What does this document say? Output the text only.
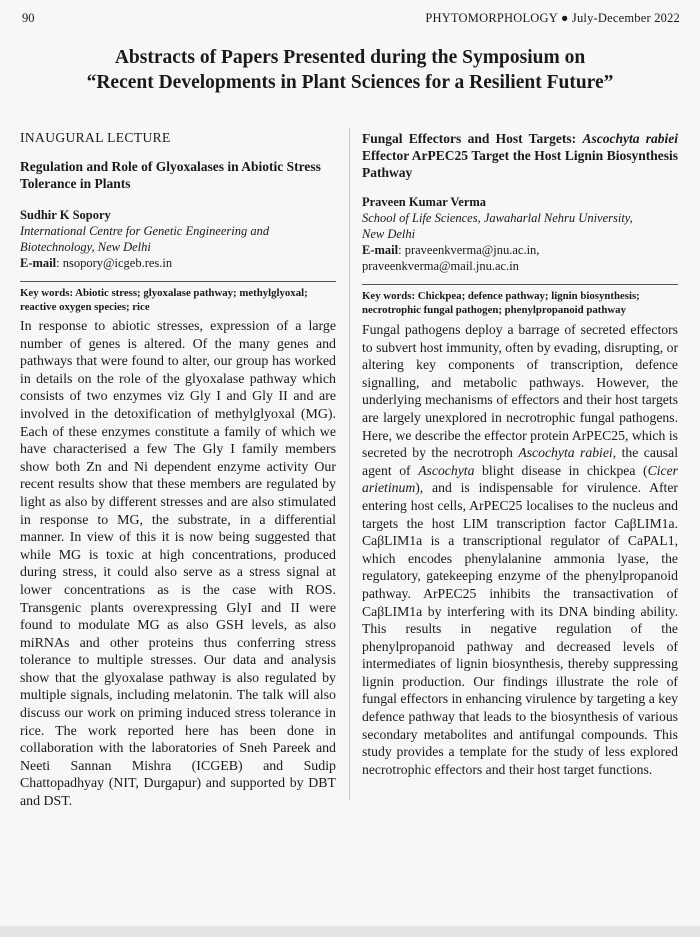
90	PHYTOMORPHOLOGY ● July-December 2022
Abstracts of Papers Presented during the Symposium on
“Recent Developments in Plant Sciences for a Resilient Future”
INAUGURAL LECTURE
Regulation and Role of Glyoxalases in Abiotic Stress Tolerance in Plants
Sudhir K Sopory
International Centre for Genetic Engineering and
Biotechnology, New Delhi
E-mail: nsopory@icgeb.res.in
Key words: Abiotic stress; glyoxalase pathway; methylglyoxal; reactive oxygen species; rice
In response to abiotic stresses, expression of a large number of genes is altered. Of the many genes and pathways that were found to alter, our group has worked in details on the role of the glyoxalase pathway which consists of two enzymes viz Gly I and Gly II and are involved in the detoxification of methylglyoxal (MG). Each of these enzymes constitute a family of which we have characterised a few The Gly I family members show both Zn and Ni dependent enzyme activity Our recent results show that these members are regulated by light as also by different stresses and are also stimulated in response to MG, the substrate, in a differential manner. In view of this it is now being suggested that while MG is toxic at high concentrations, produced during stress, it could also serve as a stress signal at lower concentrations as is the case with ROS. Transgenic plants overexpressing GlyI and II were found to modulate MG as also GSH levels, as also miRNAs and other proteins thus conferring stress tolerance to multiple stresses. Our data and analysis show that the glyoxalase pathway is also regulated by multiple signals, including melatonin. The talk will also discuss our work on priming induced stress tolerance in rice. The work reported here has been done in collaboration with the laboratories of Sneh Pareek and Neeti Sannan Mishra (ICGEB) and Sudip Chattopadhyay (NIT, Durgapur) and supported by DBT and DST.
Fungal Effectors and Host Targets: Ascochyta rabiei Effector ArPEC25 Target the Host Lignin Biosynthesis Pathway
Praveen Kumar Verma
School of Life Sciences, Jawaharlal Nehru University,
New Delhi
E-mail: praveenkverma@jnu.ac.in, praveenkverma@mail.jnu.ac.in
Key words: Chickpea; defence pathway; lignin biosynthesis; necrotrophic fungal pathogen; phenylpropanoid pathway
Fungal pathogens deploy a barrage of secreted effectors to subvert host immunity, often by evading, disrupting, or altering key components of transcription, defence signalling, and metabolic pathways. However, the underlying mechanisms of effectors and their host targets are largely unexplored in necrotrophic fungal pathogens. Here, we describe the effector protein ArPEC25, which is secreted by the necrotroph Ascochyta rabiei, the causal agent of Ascochyta blight disease in chickpea (Cicer arietinum), and is indispensable for virulence. After entering host cells, ArPEC25 localises to the nucleus and targets the host LIM transcription factor CaβLIM1a. CaβLIM1a is a transcriptional regulator of CaPAL1, which encodes phenylalanine ammonia lyase, the regulatory, gatekeeping enzyme of the phenylpropanoid pathway. ArPEC25 inhibits the transactivation of CaβLIM1a by interfering with its DNA binding ability. This results in negative regulation of the phenylpropanoid pathway and decreased levels of intermediates of lignin biosynthesis, thereby suppressing lignin production. Our findings illustrate the role of fungal effectors in enhancing virulence by targeting a key defence pathway that leads to the biosynthesis of various secondary metabolites and antifungal compounds. This study provides a template for the study of less explored necrotrophic effectors and their host target functions.
